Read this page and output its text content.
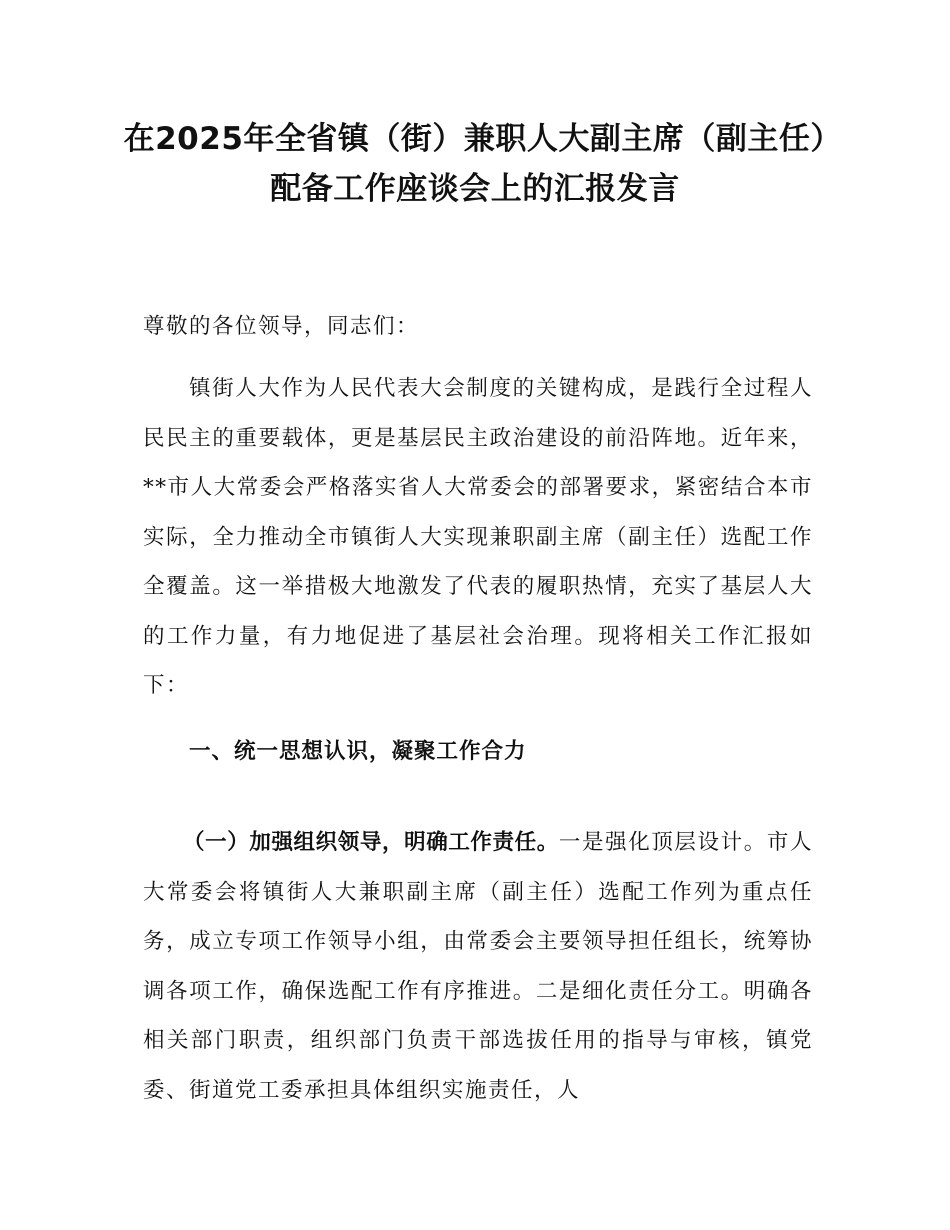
在2025年全省镇（街）兼职人大副主席（副主任）配备工作座谈会上的汇报发言
尊敬的各位领导，同志们：
镇街人大作为人民代表大会制度的关键构成，是践行全过程人民民主的重要载体，更是基层民主政治建设的前沿阵地。近年来，**市人大常委会严格落实省人大常委会的部署要求，紧密结合本市实际，全力推动全市镇街人大实现兼职副主席（副主任）选配工作全覆盖。这一举措极大地激发了代表的履职热情，充实了基层人大的工作力量，有力地促进了基层社会治理。现将相关工作汇报如下：
一、统一思想认识，凝聚工作合力
（一）加强组织领导，明确工作责任。一是强化顶层设计。市人大常委会将镇街人大兼职副主席（副主任）选配工作列为重点任务，成立专项工作领导小组，由常委会主要领导担任组长，统筹协调各项工作，确保选配工作有序推进。二是细化责任分工。明确各相关部门职责，组织部门负责干部选拔任用的指导与审核，镇党委、街道党工委承担具体组织实施责任，人
